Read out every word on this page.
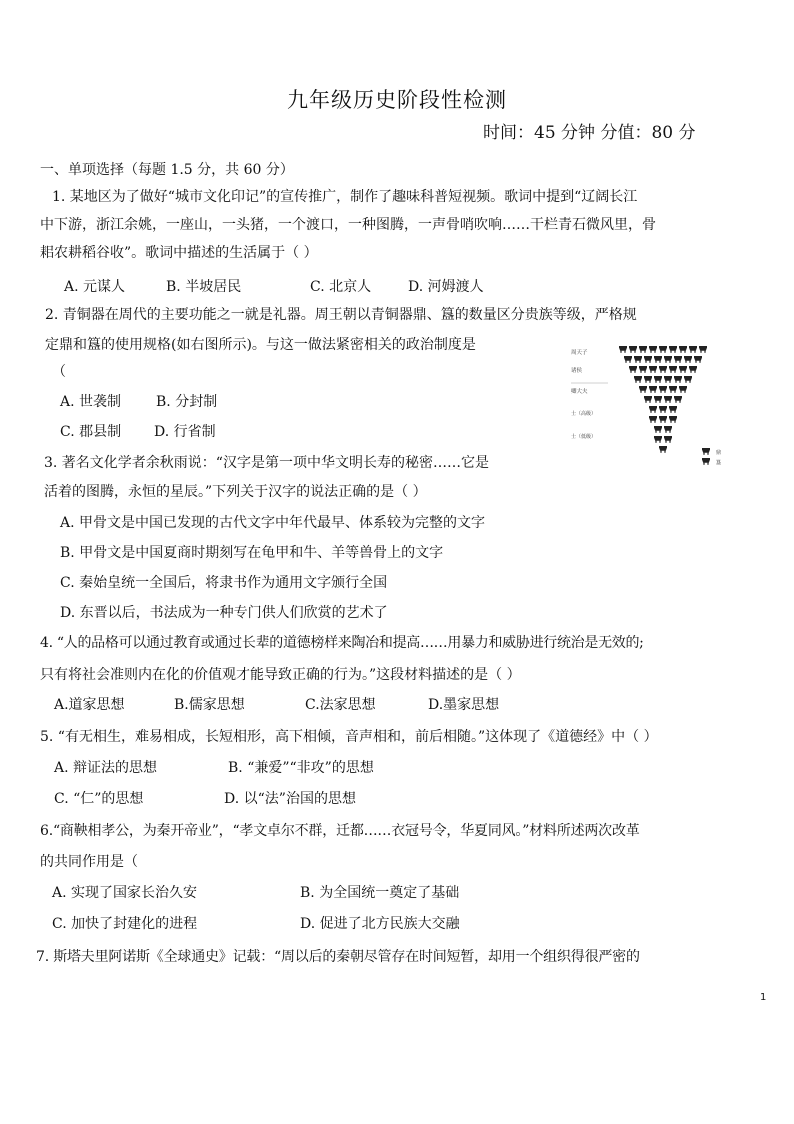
九年级历史阶段性检测
时间：45 分钟 分值：80 分
一、单项选择（每题 1.5 分，共 60 分）
1. 某地区为了做好“城市文化印记”的宣传推广，制作了趣味科普短视频。歌词中提到“辽阔长江
中下游，浙江余姚，一座山，一头猪，一个渡口，一种图腾，一声骨哨吹响……干栏青石微风里，骨
耜农耕稻谷收”。歌词中描述的生活属于（ ）
A. 元谋人	B. 半坡居民	C. 北京人	D. 河姆渡人
2. 青铜器在周代的主要功能之一就是礼器。周王朝以青铜器鼎、簋的数量区分贵族等级，严格规
定鼎和簋的使用规格(如右图所示)。与这一做法紧密相关的政治制度是
（
A. 世袭制 B. 分封制
C. 郡县制 D. 行省制
周天子
诸侯
卿大夫
士（高级）
士（低级）
鼎
簋
3. 著名文化学者余秋雨说：“汉字是第一项中华文明长寿的秘密……它是
活着的图腾，永恒的星辰。”下列关于汉字的说法正确的是（ ）
A. 甲骨文是中国已发现的古代文字中年代最早、体系较为完整的文字
B. 甲骨文是中国夏商时期刻写在龟甲和牛、羊等兽骨上的文字
C. 秦始皇统一全国后，将隶书作为通用文字颁行全国
D. 东晋以后，书法成为一种专门供人们欣赏的艺术了
4. “人的品格可以通过教育或通过长辈的道德榜样来陶冶和提高……用暴力和威胁进行统治是无效的;
只有将社会准则内在化的价值观才能导致正确的行为。”这段材料描述的是（ ）
A.道家思想	B.儒家思想	C.法家思想	D.墨家思想
5. “有无相生，难易相成，长短相形，高下相倾，音声相和，前后相随。”这体现了《道德经》中（ ）
A. 辩证法的思想	B. “兼爱”“非攻”的思想
C. “仁”的思想	D. 以“法”治国的思想
6.“商鞅相孝公，为秦开帝业”，“孝文卓尔不群，迁都……衣冠号令，华夏同风。”材料所述两次改革
的共同作用是（
A. 实现了国家长治久安	B. 为全国统一奠定了基础
C. 加快了封建化的进程	D. 促进了北方民族大交融
7. 斯塔夫里阿诺斯《全球通史》记载：“周以后的秦朝尽管存在时间短暂，却用一个组织得很严密的
1
